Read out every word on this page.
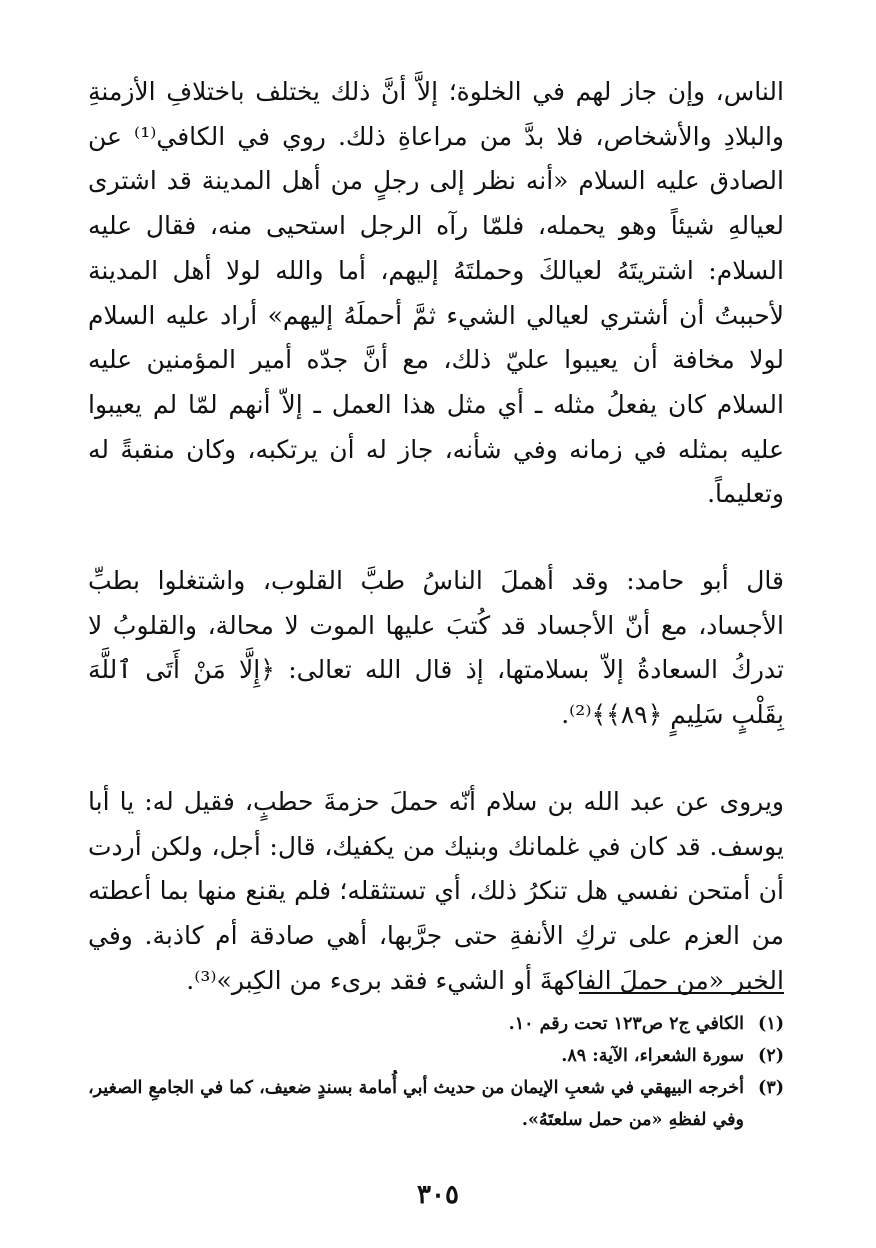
الناس، وإن جاز لهم في الخلوة؛ إلاَّ أنَّ ذلك يختلف باختلافِ الأزمنةِ والبلادِ والأشخاص، فلا بدَّ من مراعاةِ ذلك. روي في الكافي⁽¹⁾ عن الصادق عليه السلام «أنه نظر إلى رجلٍ من أهل المدينة قد اشترى لعيالهِ شيئاً وهو يحمله، فلمّا رآه الرجل استحيى منه، فقال عليه السلام: اشتريتَهُ لعيالكَ وحملتَهُ إليهم، أما والله لولا أهل المدينة لأحببتُ أن أشتري لعيالي الشيء ثمَّ أحملَهُ إليهم» أراد عليه السلام لولا مخافة أن يعيبوا عليّ ذلك، مع أنَّ جدّه أمير المؤمنين عليه السلام كان يفعلُ مثله ـ أي مثل هذا العمل ـ إلاّ أنهم لمّا لم يعيبوا عليه بمثله في زمانه وفي شأنه، جاز له أن يرتكبه، وكان منقبةً له وتعليماً.

قال أبو حامد: وقد أهملَ الناسُ طبَّ القلوب، واشتغلوا بطبِّ الأجساد، مع أنّ الأجساد قد كُتبَ عليها الموت لا محالة، والقلوبُ لا تدركُ السعادةُ إلاّ بسلامتها، إذ قال الله تعالى: ﴿إِلَّا مَنْ أَتَى ٱللَّهَ بِقَلْبٍ سَلِيمٍ ﴿٨٩﴾﴾⁽²⁾.

ويروى عن عبد الله بن سلام أنّه حملَ حزمةَ حطبٍ، فقيل له: يا أبا يوسف. قد كان في غلمانك وبنيك من يكفيك، قال: أجل، ولكن أردت أن أمتحن نفسي هل تنكرُ ذلك، أي تستثقله؛ فلم يقنع منها بما أعطته من العزم على تركِ الأنفةِ حتى جرَّبها، أهي صادقة أم كاذبة. وفي الخبر «من حملَ الفاكهةَ أو الشيء فقد برىء من الكِبر»⁽³⁾.

(١)
الكافي ج٢ ص١٢٣ تحت رقم ١٠.
(٢)
سورة الشعراء، الآية: ٨٩.
(٣)
أخرجه البيهقي في شعبِ الإيمان من حديث أبي أُمامة بسندٍ ضعيف، كما في الجامعِ الصغير، وفي لفظهِ «من حمل سلعتَهُ».
٣٠٥
